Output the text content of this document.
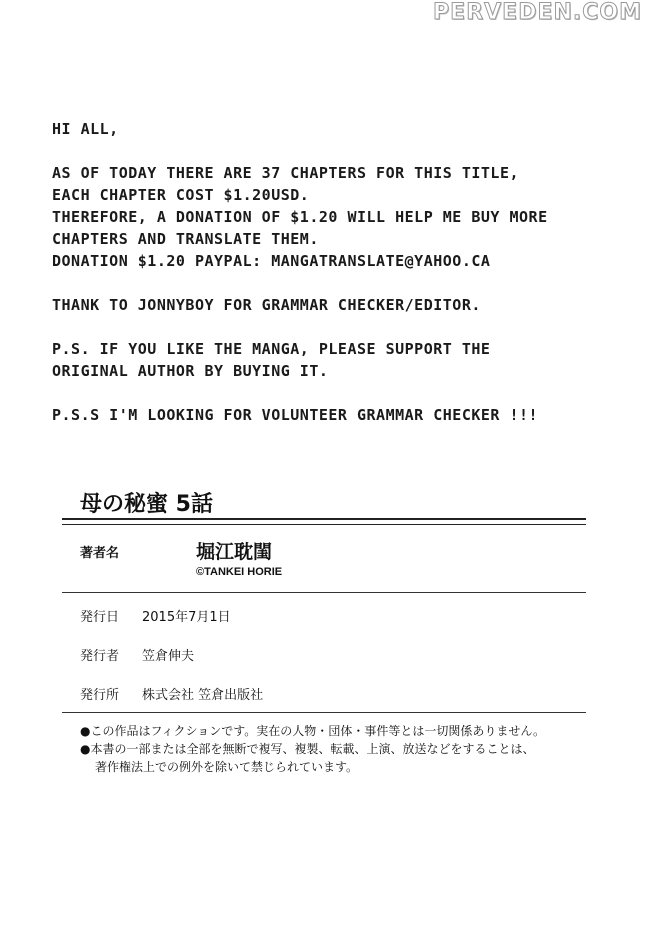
PERVEDEN.COM

HI ALL,

AS OF TODAY THERE ARE 37 CHAPTERS FOR THIS TITLE,

EACH CHAPTER COST $1.20USD.

THEREFORE, A DONATION OF $1.20 WILL HELP ME BUY MORE

CHAPTERS AND TRANSLATE THEM.

DONATION $1.20 PAYPAL: MANGATRANSLATE@YAHOO.CA

THANK TO JONNYBOY FOR GRAMMAR CHECKER/EDITOR.

P.S. IF YOU LIKE THE MANGA, PLEASE SUPPORT THE

ORIGINAL AUTHOR BY BUYING IT.

P.S.S I'M LOOKING FOR VOLUNTEER GRAMMAR CHECKER !!!

母の秘蜜 5話
著者名	堀江耽閨
©TANKEI HORIE
発行日 2015年7月1日
発行者 笠倉伸夫
発行所 株式会社 笠倉出版社
●この作品はフィクションです。実在の人物・団体・事件等とは一切関係ありません。
●本書の一部または全部を無断で複写、複製、転載、上演、放送などをすることは、
著作権法上での例外を除いて禁じられています。
